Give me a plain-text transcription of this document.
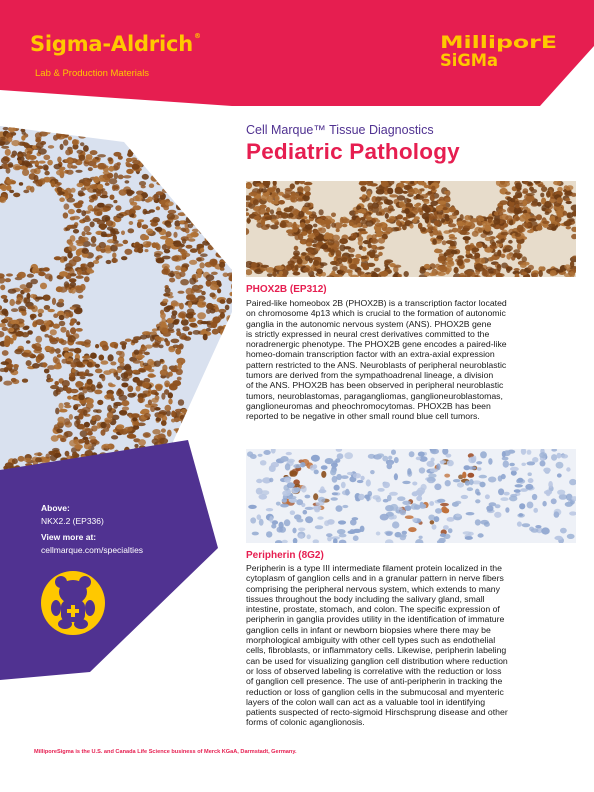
Sigma-Aldrich®
Lab & Production Materials
MilliporE
SiGMa
Cell Marque™ Tissue Diagnostics
Pediatric Pathology
PHOX2B (EP312)
Paired-like homeobox 2B (PHOX2B) is a transcription factor located
on chromosome 4p13 which is crucial to the formation of autonomic
ganglia in the autonomic nervous system (ANS). PHOX2B gene
is strictly expressed in neural crest derivatives committed to the
noradrenergic phenotype. The PHOX2B gene encodes a paired-like
homeo-domain transcription factor with an extra-axial expression
pattern restricted to the ANS. Neuroblasts of peripheral neuroblastic
tumors are derived from the sympathoadrenal lineage, a division
of the ANS. PHOX2B has been observed in peripheral neuroblastic
tumors, neuroblastomas, paragangliomas, ganglioneuroblastomas,
ganglioneuromas and pheochromocytomas. PHOX2B has been
reported to be negative in other small round blue cell tumors.
Peripherin (8G2)
Peripherin is a type III intermediate filament protein localized in the
cytoplasm of ganglion cells and in a granular pattern in nerve fibers
comprising the peripheral nervous system, which extends to many
tissues throughout the body including the salivary gland, small
intestine, prostate, stomach, and colon. The specific expression of
peripherin in ganglia provides utility in the identification of immature
ganglion cells in infant or newborn biopsies where there may be
morphological ambiguity with other cell types such as endothelial
cells, fibroblasts, or inflammatory cells. Likewise, peripherin labeling
can be used for visualizing ganglion cell distribution where reduction
or loss of observed labeling is correlative with the reduction or loss
of ganglion cell presence. The use of anti-peripherin in tracking the
reduction or loss of ganglion cells in the submucosal and myenteric
layers of the colon wall can act as a valuable tool in identifying
patients suspected of recto-sigmoid Hirschsprung disease and other
forms of colonic aganglionosis.
Above:
NKX2.2 (EP336)
View more at:
cellmarque.com/specialties
MilliporeSigma is the U.S. and Canada Life Science business of Merck KGaA, Darmstadt, Germany.
